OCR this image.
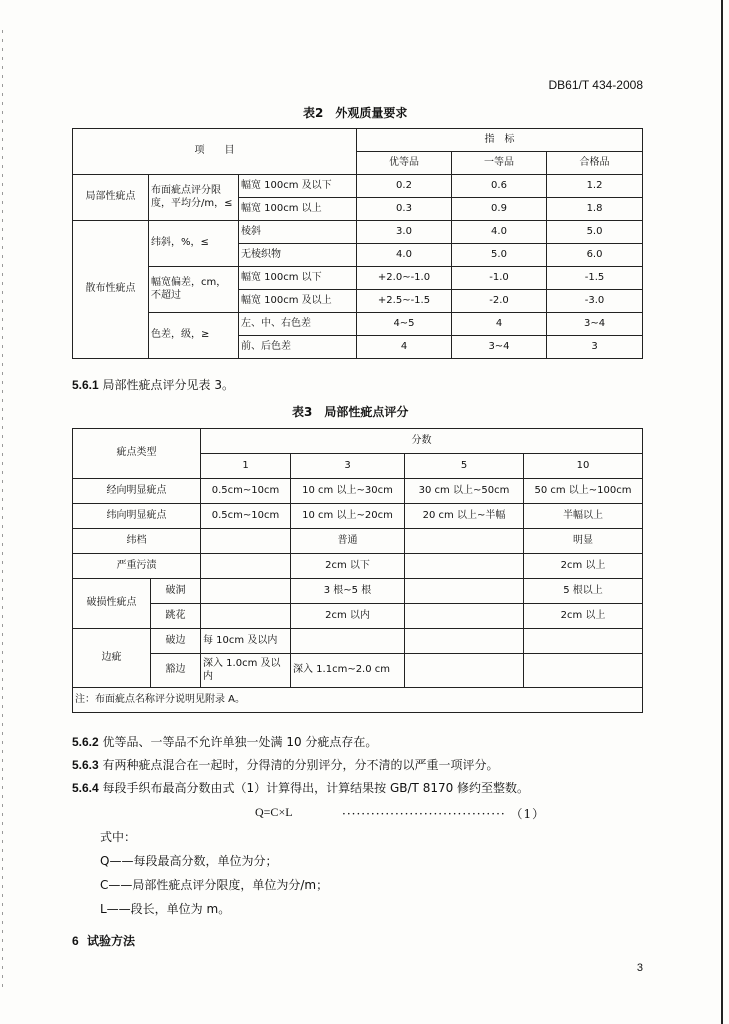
DB61/T 434-2008
表2　外观质量要求
项　　目			指　标		
			优等品	一等品	合格品
局部性疵点	布面疵点评分限度，平均分/m，≤	幅宽 100cm 及以下	0.2	0.6	1.2
		幅宽 100cm 以上	0.3	0.9	1.8
散布性疵点	纬斜，%，≤	棱斜	3.0	4.0	5.0
		无棱织物	4.0	5.0	6.0
	幅宽偏差，cm，不超过	幅宽 100cm 以下	+2.0~-1.0	-1.0	-1.5
		幅宽 100cm 及以上	+2.5~-1.5	-2.0	-3.0
	色差，级，≥	左、中、右色差	4~5	4	3~4
		前、后色差	4	3~4	3
5.6.1 局部性疵点评分见表 3。
表3　局部性疵点评分
疵点类型		分数			
		1	3	5	10
经向明显疵点		0.5cm~10cm	10 cm 以上~30cm	30 cm 以上~50cm	50 cm 以上~100cm
纬向明显疵点		0.5cm~10cm	10 cm 以上~20cm	20 cm 以上~半幅	半幅以上
纬档			普通		明显
严重污渍			2cm 以下		2cm 以上
破损性疵点	破洞		3 根~5 根		5 根以上
	跳花		2cm 以内		2cm 以上
边疵	破边	每 10cm 及以内			
	豁边	深入 1.0cm 及以内	深入 1.1cm~2.0 cm		
注：布面疵点名称评分说明见附录 A。					
5.6.2 优等品、一等品不允许单独一处满 10 分疵点存在。
5.6.3 有两种疵点混合在一起时，分得清的分别评分，分不清的以严重一项评分。
5.6.4 每段手织布最高分数由式（1）计算得出，计算结果按 GB/T 8170 修约至整数。
Q=C×L	·································· （1）
式中：
Q——每段最高分数，单位为分；
C——局部性疵点评分限度，单位为分/m；
L——段长，单位为 m。
6 试验方法
3
